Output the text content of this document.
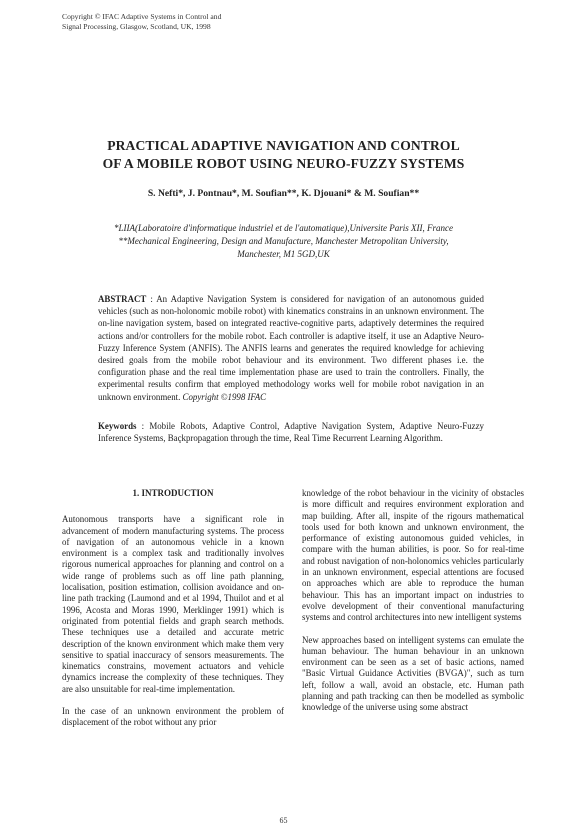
Copyright © IFAC Adaptive Systems in Control and
Signal Processing, Glasgow, Scotland, UK, 1998
PRACTICAL ADAPTIVE NAVIGATION AND CONTROL
OF A MOBILE ROBOT USING NEURO-FUZZY SYSTEMS
S. Nefti*, J. Pontnau*, M. Soufian**, K. Djouani* & M. Soufian**
*LIIA(Laboratoire d'informatique industriel et de l'automatique),Universite Paris XII, France
**Mechanical Engineering, Design and Manufacture, Manchester Metropolitan University,
Manchester, M1 5GD,UK
ABSTRACT : An Adaptive Navigation System is considered for navigation of an autonomous guided vehicles (such as non-holonomic mobile robot) with kinematics constrains in an unknown environment. The on-line navigation system, based on integrated reactive-cognitive parts, adaptively determines the required actions and/or controllers for the mobile robot. Each controller is adaptive itself, it use an Adaptive Neuro-Fuzzy Inference System (ANFIS). The ANFIS learns and generates the required knowledge for achieving desired goals from the mobile robot behaviour and its environment. Two different phases i.e. the configuration phase and the real time implementation phase are used to train the controllers. Finally, the experimental results confirm that employed methodology works well for mobile robot navigation in an unknown environment. Copyright ©1998 IFAC
Keywords : Mobile Robots, Adaptive Control, Adaptive Navigation System, Adaptive Neuro-Fuzzy Inference Systems, Baçkpropagation through the time, Real Time Recurrent Learning Algorithm.
1. INTRODUCTION

Autonomous transports have a significant role in advancement of modern manufacturing systems. The process of navigation of an autonomous vehicle in a known environment is a complex task and traditionally involves rigorous numerical approaches for planning and control on a wide range of problems such as off line path planning, localisation, position estimation, collision avoidance and on-line path tracking (Laumond and et al 1994, Thuilot and et al 1996, Acosta and Moras 1990, Merklinger 1991) which is originated from potential fields and graph search methods. These techniques use a detailed and accurate metric description of the known environment which make them very sensitive to spatial inaccuracy of sensors measurements. The kinematics constrains, movement actuators and vehicle dynamics increase the complexity of these techniques. They are also unsuitable for real-time implementation.

In the case of an unknown environment the problem of displacement of the robot without any prior

knowledge of the robot behaviour in the vicinity of obstacles is more difficult and requires environment exploration and map building. After all, inspite of the rigours mathematical tools used for both known and unknown environment, the performance of existing autonomous guided vehicles, in compare with the human abilities, is poor. So for real-time and robust navigation of non-holonomics vehicles particularly in an unknown environment, especial attentions are focused on approaches which are able to reproduce the human behaviour. This has an important impact on industries to evolve development of their conventional manufacturing systems and control architectures into new intelligent systems

New approaches based on intelligent systems can emulate the human behaviour. The human behaviour in an unknown environment can be seen as a set of basic actions, named "Basic Virtual Guidance Activities (BVGA)", such as turn left, follow a wall, avoid an obstacle, etc. Human path planning and path tracking can then be modelled as symbolic knowledge of the universe using some abstract

65
